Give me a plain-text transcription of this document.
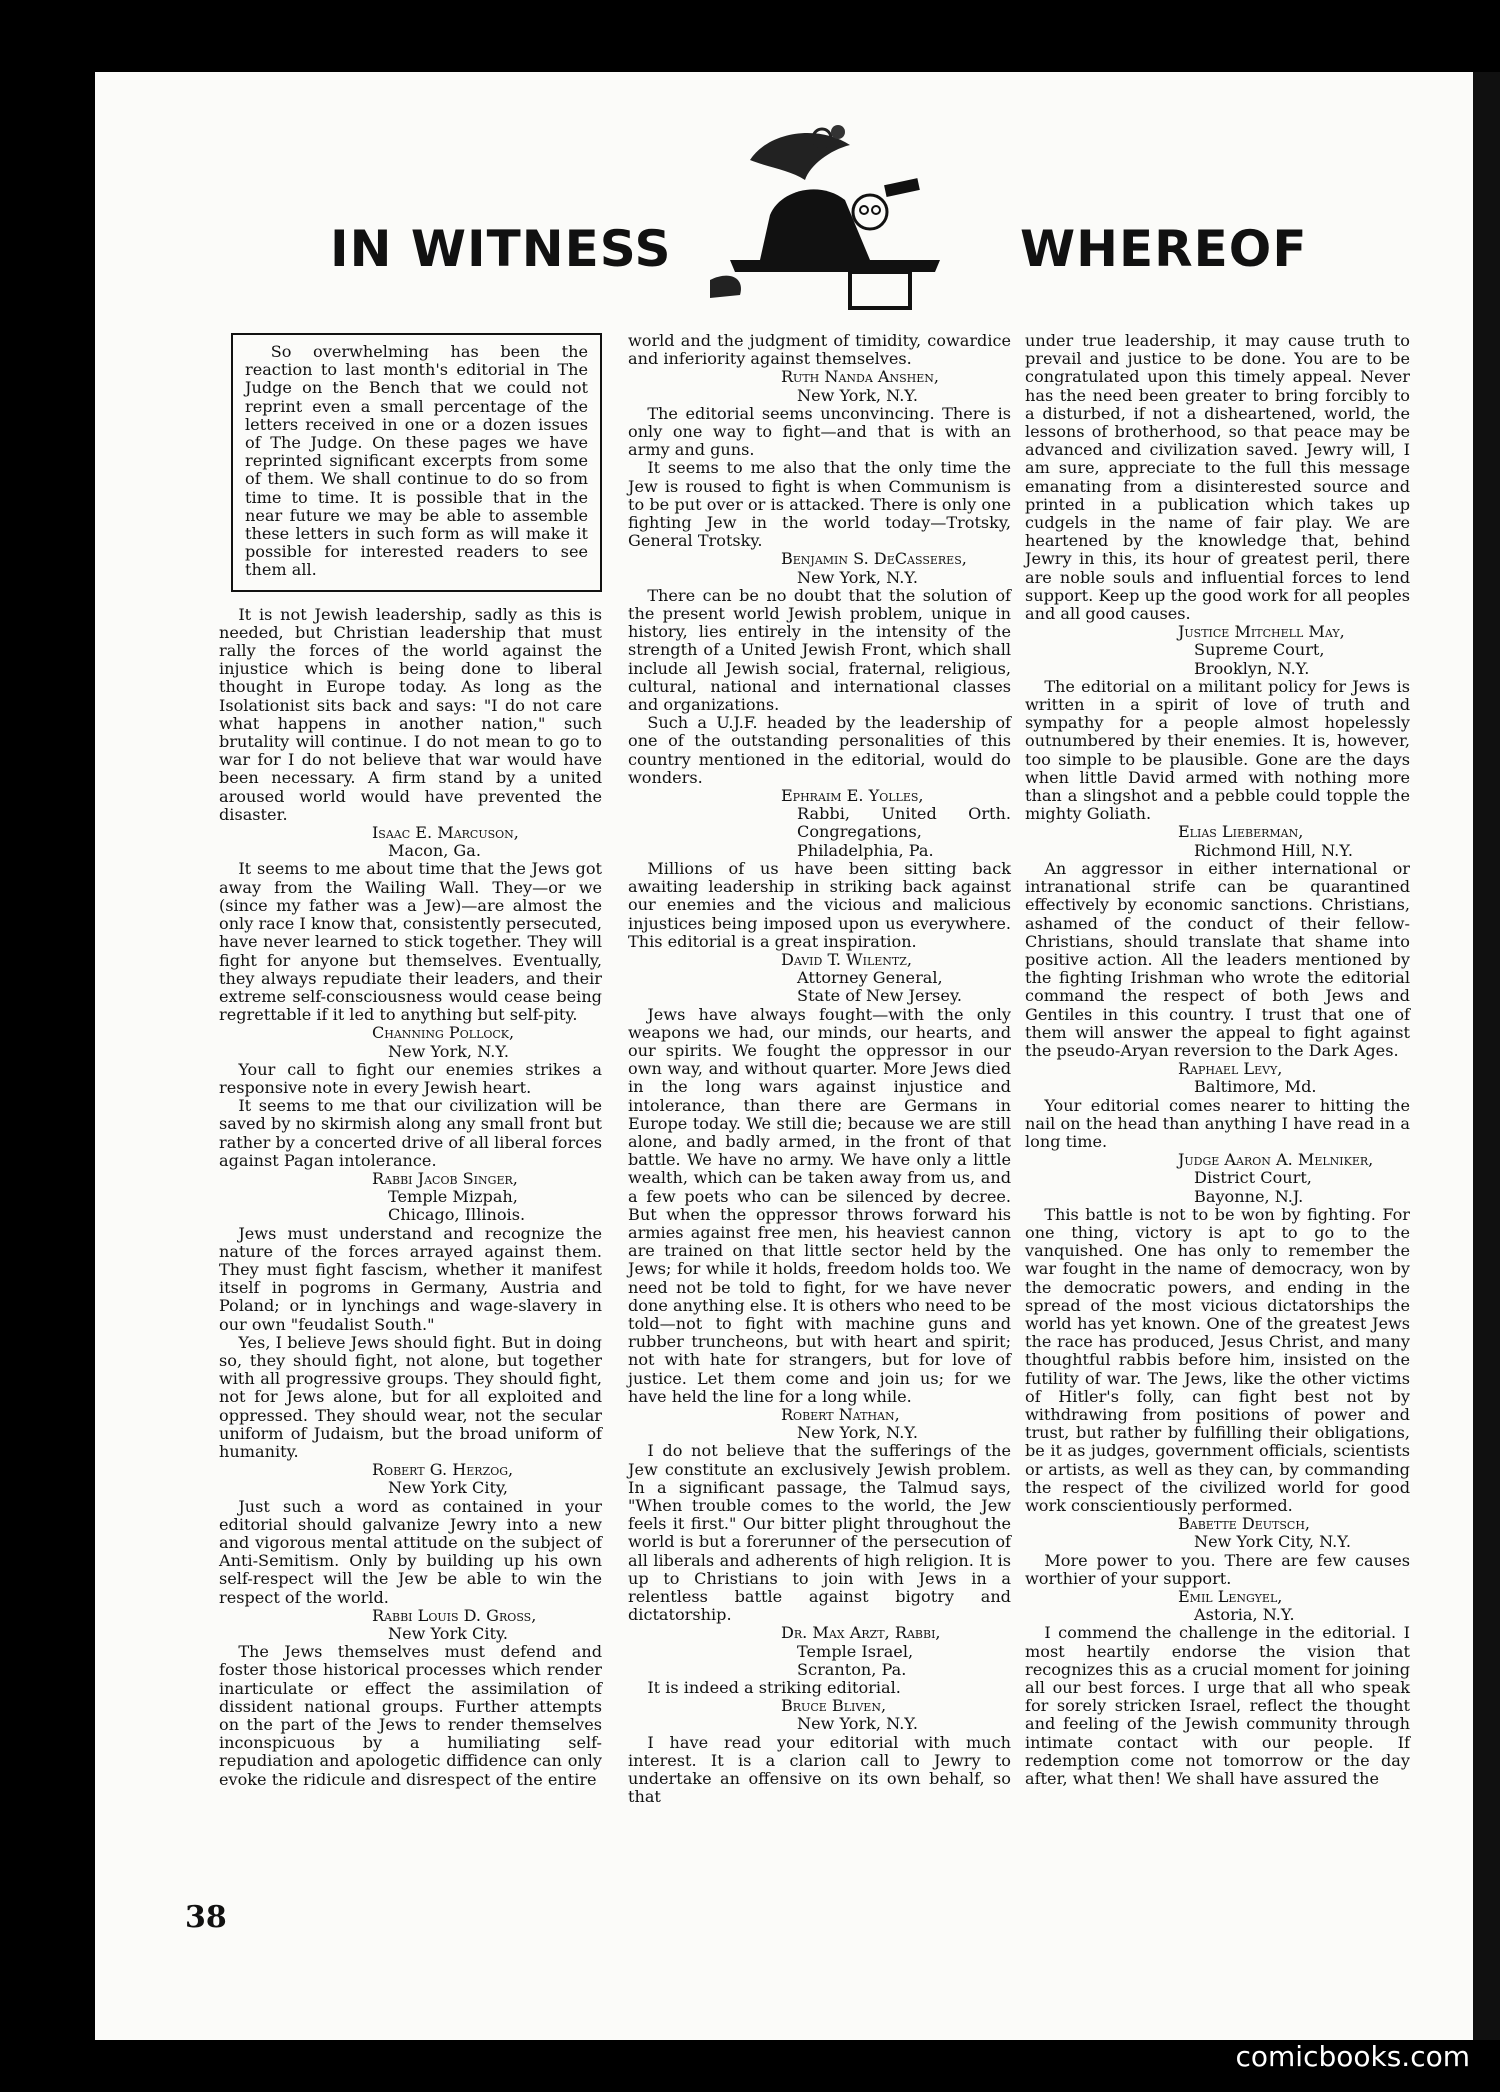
IN WITNESS	WHEREOF

So overwhelming has been the reaction to last month's editorial in The Judge on the Bench that we could not reprint even a small percentage of the letters received in one or a dozen issues of The Judge. On these pages we have reprinted significant excerpts from some of them. We shall continue to do so from time to time. It is possible that in the near future we may be able to assemble these letters in such form as will make it possible for interested readers to see them all.

It is not Jewish leadership, sadly as this is needed, but Christian leadership that must rally the forces of the world against the injustice which is being done to liberal thought in Europe today. As long as the Isolationist sits back and says: "I do not care what happens in another nation," such brutality will continue. I do not mean to go to war for I do not believe that war would have been necessary. A firm stand by a united aroused world would have prevented the disaster.

Isaac E. Marcuson,
Macon, Ga.

It seems to me about time that the Jews got away from the Wailing Wall. They—or we (since my father was a Jew)—are almost the only race I know that, consistently persecuted, have never learned to stick together. They will fight for anyone but themselves. Eventually, they always repudiate their leaders, and their extreme self-consciousness would cease being regrettable if it led to anything but self-pity.

Channing Pollock,
New York, N.Y.

Your call to fight our enemies strikes a responsive note in every Jewish heart.

It seems to me that our civilization will be saved by no skirmish along any small front but rather by a concerted drive of all liberal forces against Pagan intolerance.

Rabbi Jacob Singer,
Temple Mizpah,
Chicago, Illinois.

Jews must understand and recognize the nature of the forces arrayed against them. They must fight fascism, whether it manifest itself in pogroms in Germany, Austria and Poland; or in lynchings and wage-slavery in our own "feudalist South."

Yes, I believe Jews should fight. But in doing so, they should fight, not alone, but together with all progressive groups. They should fight, not for Jews alone, but for all exploited and oppressed. They should wear, not the secular uniform of Judaism, but the broad uniform of humanity.

Robert G. Herzog,
New York City,

Just such a word as contained in your editorial should galvanize Jewry into a new and vigorous mental attitude on the subject of Anti-Semitism. Only by building up his own self-respect will the Jew be able to win the respect of the world.

Rabbi Louis D. Gross,
New York City.

The Jews themselves must defend and foster those historical processes which render inarticulate or effect the assimilation of dissident national groups. Further attempts on the part of the Jews to render themselves inconspicuous by a humiliating self-repudiation and apologetic diffidence can only evoke the ridicule and disrespect of the entire

world and the judgment of timidity, cowardice and inferiority against themselves.

Ruth Nanda Anshen,
New York, N.Y.

The editorial seems unconvincing. There is only one way to fight—and that is with an army and guns.

It seems to me also that the only time the Jew is roused to fight is when Communism is to be put over or is attacked. There is only one fighting Jew in the world today—Trotsky, General Trotsky.

Benjamin S. DeCasseres,
New York, N.Y.

There can be no doubt that the solution of the present world Jewish problem, unique in history, lies entirely in the intensity of the strength of a United Jewish Front, which shall include all Jewish social, fraternal, religious, cultural, national and international classes and organizations.

Such a U.J.F. headed by the leadership of one of the outstanding personalities of this country mentioned in the editorial, would do wonders.

Ephraim E. Yolles,
Rabbi, United Orth. Congregations,
Philadelphia, Pa.

Millions of us have been sitting back awaiting leadership in striking back against our enemies and the vicious and malicious injustices being imposed upon us everywhere. This editorial is a great inspiration.

David T. Wilentz,
Attorney General,
State of New Jersey.

Jews have always fought—with the only weapons we had, our minds, our hearts, and our spirits. We fought the oppressor in our own way, and without quarter. More Jews died in the long wars against injustice and intolerance, than there are Germans in Europe today. We still die; because we are still alone, and badly armed, in the front of that battle. We have no army. We have only a little wealth, which can be taken away from us, and a few poets who can be silenced by decree. But when the oppressor throws forward his armies against free men, his heaviest cannon are trained on that little sector held by the Jews; for while it holds, freedom holds too. We need not be told to fight, for we have never done anything else. It is others who need to be told—not to fight with machine guns and rubber truncheons, but with heart and spirit; not with hate for strangers, but for love of justice. Let them come and join us; for we have held the line for a long while.

Robert Nathan,
New York, N.Y.

I do not believe that the sufferings of the Jew constitute an exclusively Jewish problem. In a significant passage, the Talmud says, "When trouble comes to the world, the Jew feels it first." Our bitter plight throughout the world is but a forerunner of the persecution of all liberals and adherents of high religion. It is up to Christians to join with Jews in a relentless battle against bigotry and dictatorship.

Dr. Max Arzt, Rabbi,
Temple Israel,
Scranton, Pa.

It is indeed a striking editorial.

Bruce Bliven,
New York, N.Y.

I have read your editorial with much interest. It is a clarion call to Jewry to undertake an offensive on its own behalf, so that

under true leadership, it may cause truth to prevail and justice to be done. You are to be congratulated upon this timely appeal. Never has the need been greater to bring forcibly to a disturbed, if not a disheartened, world, the lessons of brotherhood, so that peace may be advanced and civilization saved. Jewry will, I am sure, appreciate to the full this message emanating from a disinterested source and printed in a publication which takes up cudgels in the name of fair play. We are heartened by the knowledge that, behind Jewry in this, its hour of greatest peril, there are noble souls and influential forces to lend support. Keep up the good work for all peoples and all good causes.

Justice Mitchell May,
Supreme Court,
Brooklyn, N.Y.

The editorial on a militant policy for Jews is written in a spirit of love of truth and sympathy for a people almost hopelessly outnumbered by their enemies. It is, however, too simple to be plausible. Gone are the days when little David armed with nothing more than a slingshot and a pebble could topple the mighty Goliath.

Elias Lieberman,
Richmond Hill, N.Y.

An aggressor in either international or intranational strife can be quarantined effectively by economic sanctions. Christians, ashamed of the conduct of their fellow-Christians, should translate that shame into positive action. All the leaders mentioned by the fighting Irishman who wrote the editorial command the respect of both Jews and Gentiles in this country. I trust that one of them will answer the appeal to fight against the pseudo-Aryan reversion to the Dark Ages.

Raphael Levy,
Baltimore, Md.

Your editorial comes nearer to hitting the nail on the head than anything I have read in a long time.

Judge Aaron A. Melniker,
District Court,
Bayonne, N.J.

This battle is not to be won by fighting. For one thing, victory is apt to go to the vanquished. One has only to remember the war fought in the name of democracy, won by the democratic powers, and ending in the spread of the most vicious dictatorships the world has yet known. One of the greatest Jews the race has produced, Jesus Christ, and many thoughtful rabbis before him, insisted on the futility of war. The Jews, like the other victims of Hitler's folly, can fight best not by withdrawing from positions of power and trust, but rather by fulfilling their obligations, be it as judges, government officials, scientists or artists, as well as they can, by commanding the respect of the civilized world for good work conscientiously performed.

Babette Deutsch,
New York City, N.Y.

More power to you. There are few causes worthier of your support.

Emil Lengyel,
Astoria, N.Y.

I commend the challenge in the editorial. I most heartily endorse the vision that recognizes this as a crucial moment for joining all our best forces. I urge that all who speak for sorely stricken Israel, reflect the thought and feeling of the Jewish community through intimate contact with our people. If redemption come not tomorrow or the day after, what then! We shall have assured the

38
comicbooks.com
